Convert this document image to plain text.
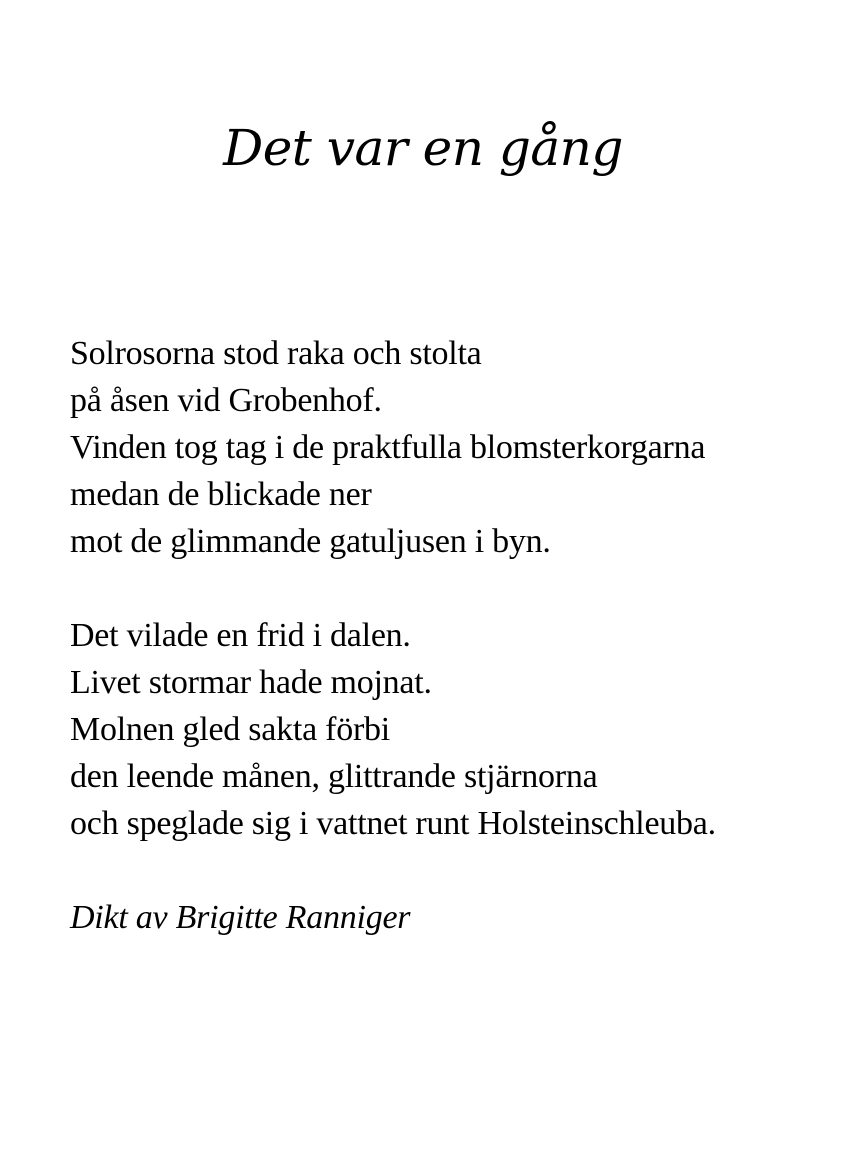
Det var en gång

Solrosorna stod raka och stolta
på åsen vid Grobenhof.
Vinden tog tag i de praktfulla blomsterkorgarna
medan de blickade ner
mot de glimmande gatuljusen i byn.

Det vilade en frid i dalen.
Livet stormar hade mojnat.
Molnen gled sakta förbi
den leende månen, glittrande stjärnorna
och speglade sig i vattnet runt Holsteinschleuba.

Dikt av Brigitte Ranniger
